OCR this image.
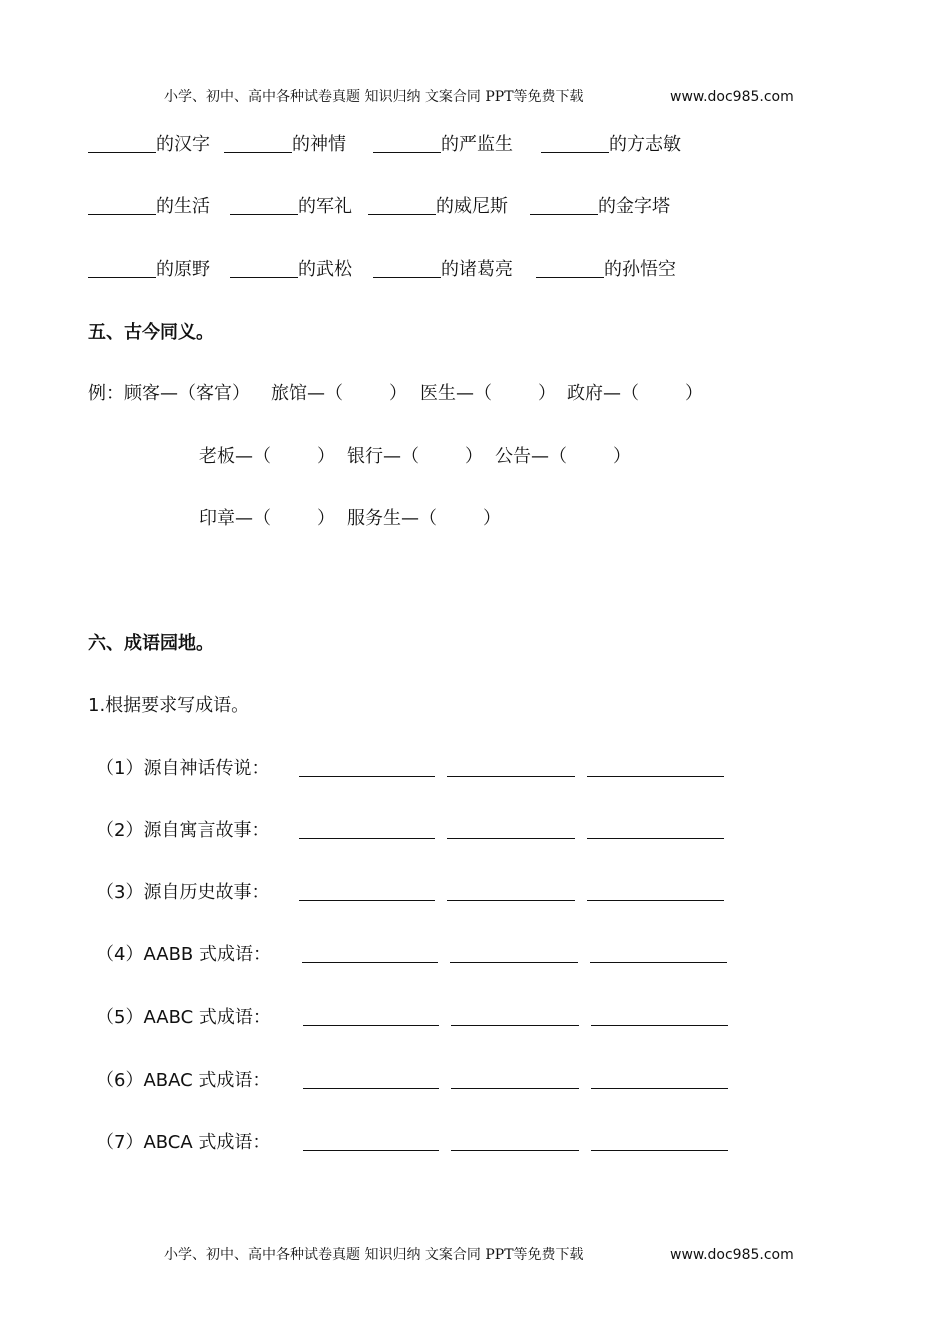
小学、初中、高中各种试卷真题 知识归纳 文案合同 PPT等免费下载	www.doc985.com
的汉字	的神情	的严监生	的方志敏
的生活	的军礼	的威尼斯	的金字塔
的原野	的武松	的诸葛亮	的孙悟空
五、古今同义。
例：顾客—（客官） 旅馆—（	） 医生—（	） 政府—（	）
老板—（	） 银行—（	） 公告—（	）
印章—（	） 服务生—（	）
六、成语园地。
1.根据要求写成语。
（1）源自神话传说：
（2）源自寓言故事：
（3）源自历史故事：
（4）AABB 式成语：
（5）AABC 式成语：
（6）ABAC 式成语：
（7）ABCA 式成语：
小学、初中、高中各种试卷真题 知识归纳 文案合同 PPT等免费下载	www.doc985.com
